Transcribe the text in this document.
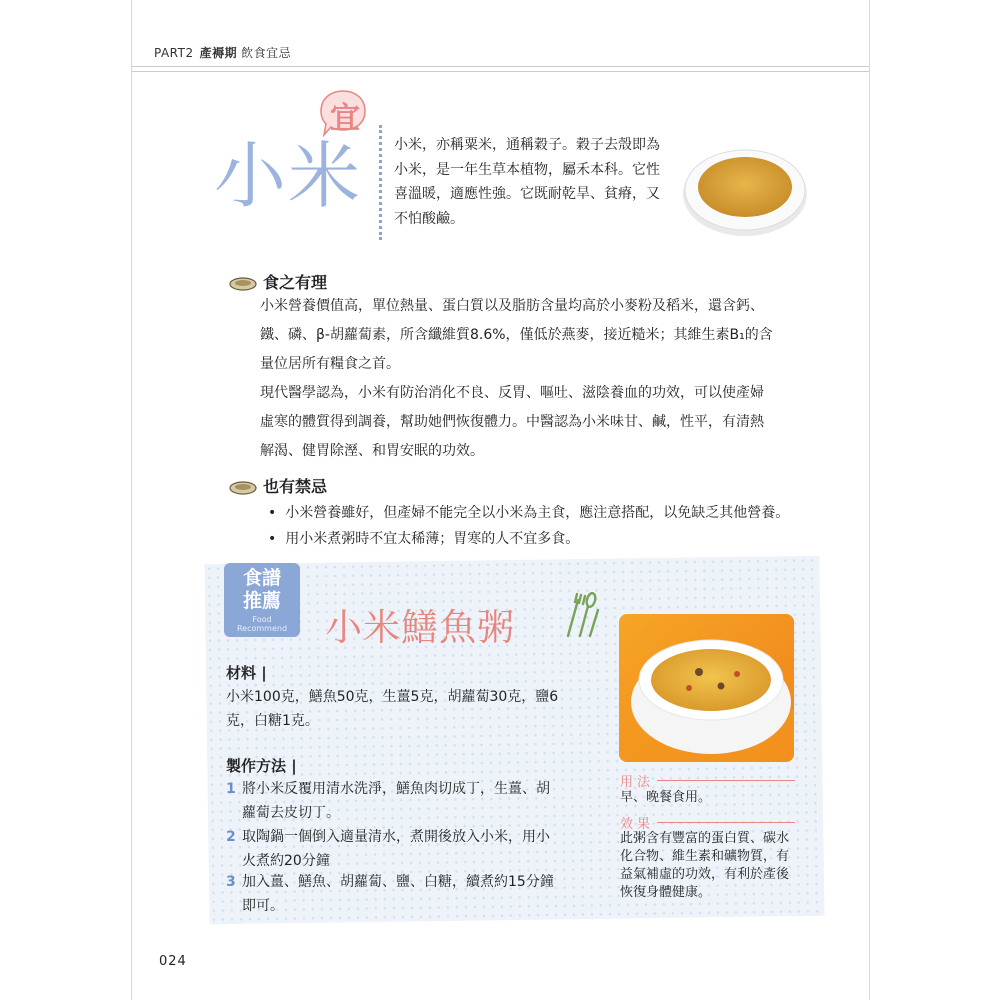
PART2 產褥期 飲食宜忌
宜
小米 小米，亦稱粟米，通稱穀子。穀子去殼即為
小米，是一年生草本植物，屬禾本科。它性
喜溫暖，適應性強。它既耐乾旱、貧瘠，又
不怕酸鹼。
食之有理

小米營養價值高，單位熱量、蛋白質以及脂肪含量均高於小麥粉及稻米，還含鈣、

鐵、磷、β-胡蘿蔔素，所含纖維質8.6%，僅低於燕麥，接近糙米；其維生素B₁的含

量位居所有糧食之首。

現代醫學認為，小米有防治消化不良、反胃、嘔吐、滋陰養血的功效，可以使產婦

虛寒的體質得到調養，幫助她們恢復體力。中醫認為小米味甘、鹹，性平，有清熱

解渴、健胃除溼、和胃安眠的功效。

也有禁忌
• 小米營養雖好，但產婦不能完全以小米為主食，應注意搭配，以免缺乏其他營養。
• 用小米煮粥時不宜太稀薄；胃寒的人不宜多食。
食譜
推薦
Food
Recommend	小米鱔魚粥
材料 |
小米100克，鱔魚50克，生薑5克，胡蘿蔔30克，鹽6
克，白糖1克。
製作方法 |
1 將小米反覆用清水洗淨，鱔魚肉切成丁，生薑、胡
蘿蔔去皮切丁。
2 取陶鍋一個倒入適量清水，煮開後放入小米，用小
火煮約20分鐘
3 加入薑、鱔魚、胡蘿蔔、鹽、白糖，續煮約15分鐘
即可。
用法
早、晚餐食用。
效果
此粥含有豐富的蛋白質、碳水
化合物、維生素和礦物質，有
益氣補虛的功效，有利於產後
恢復身體健康。
024
